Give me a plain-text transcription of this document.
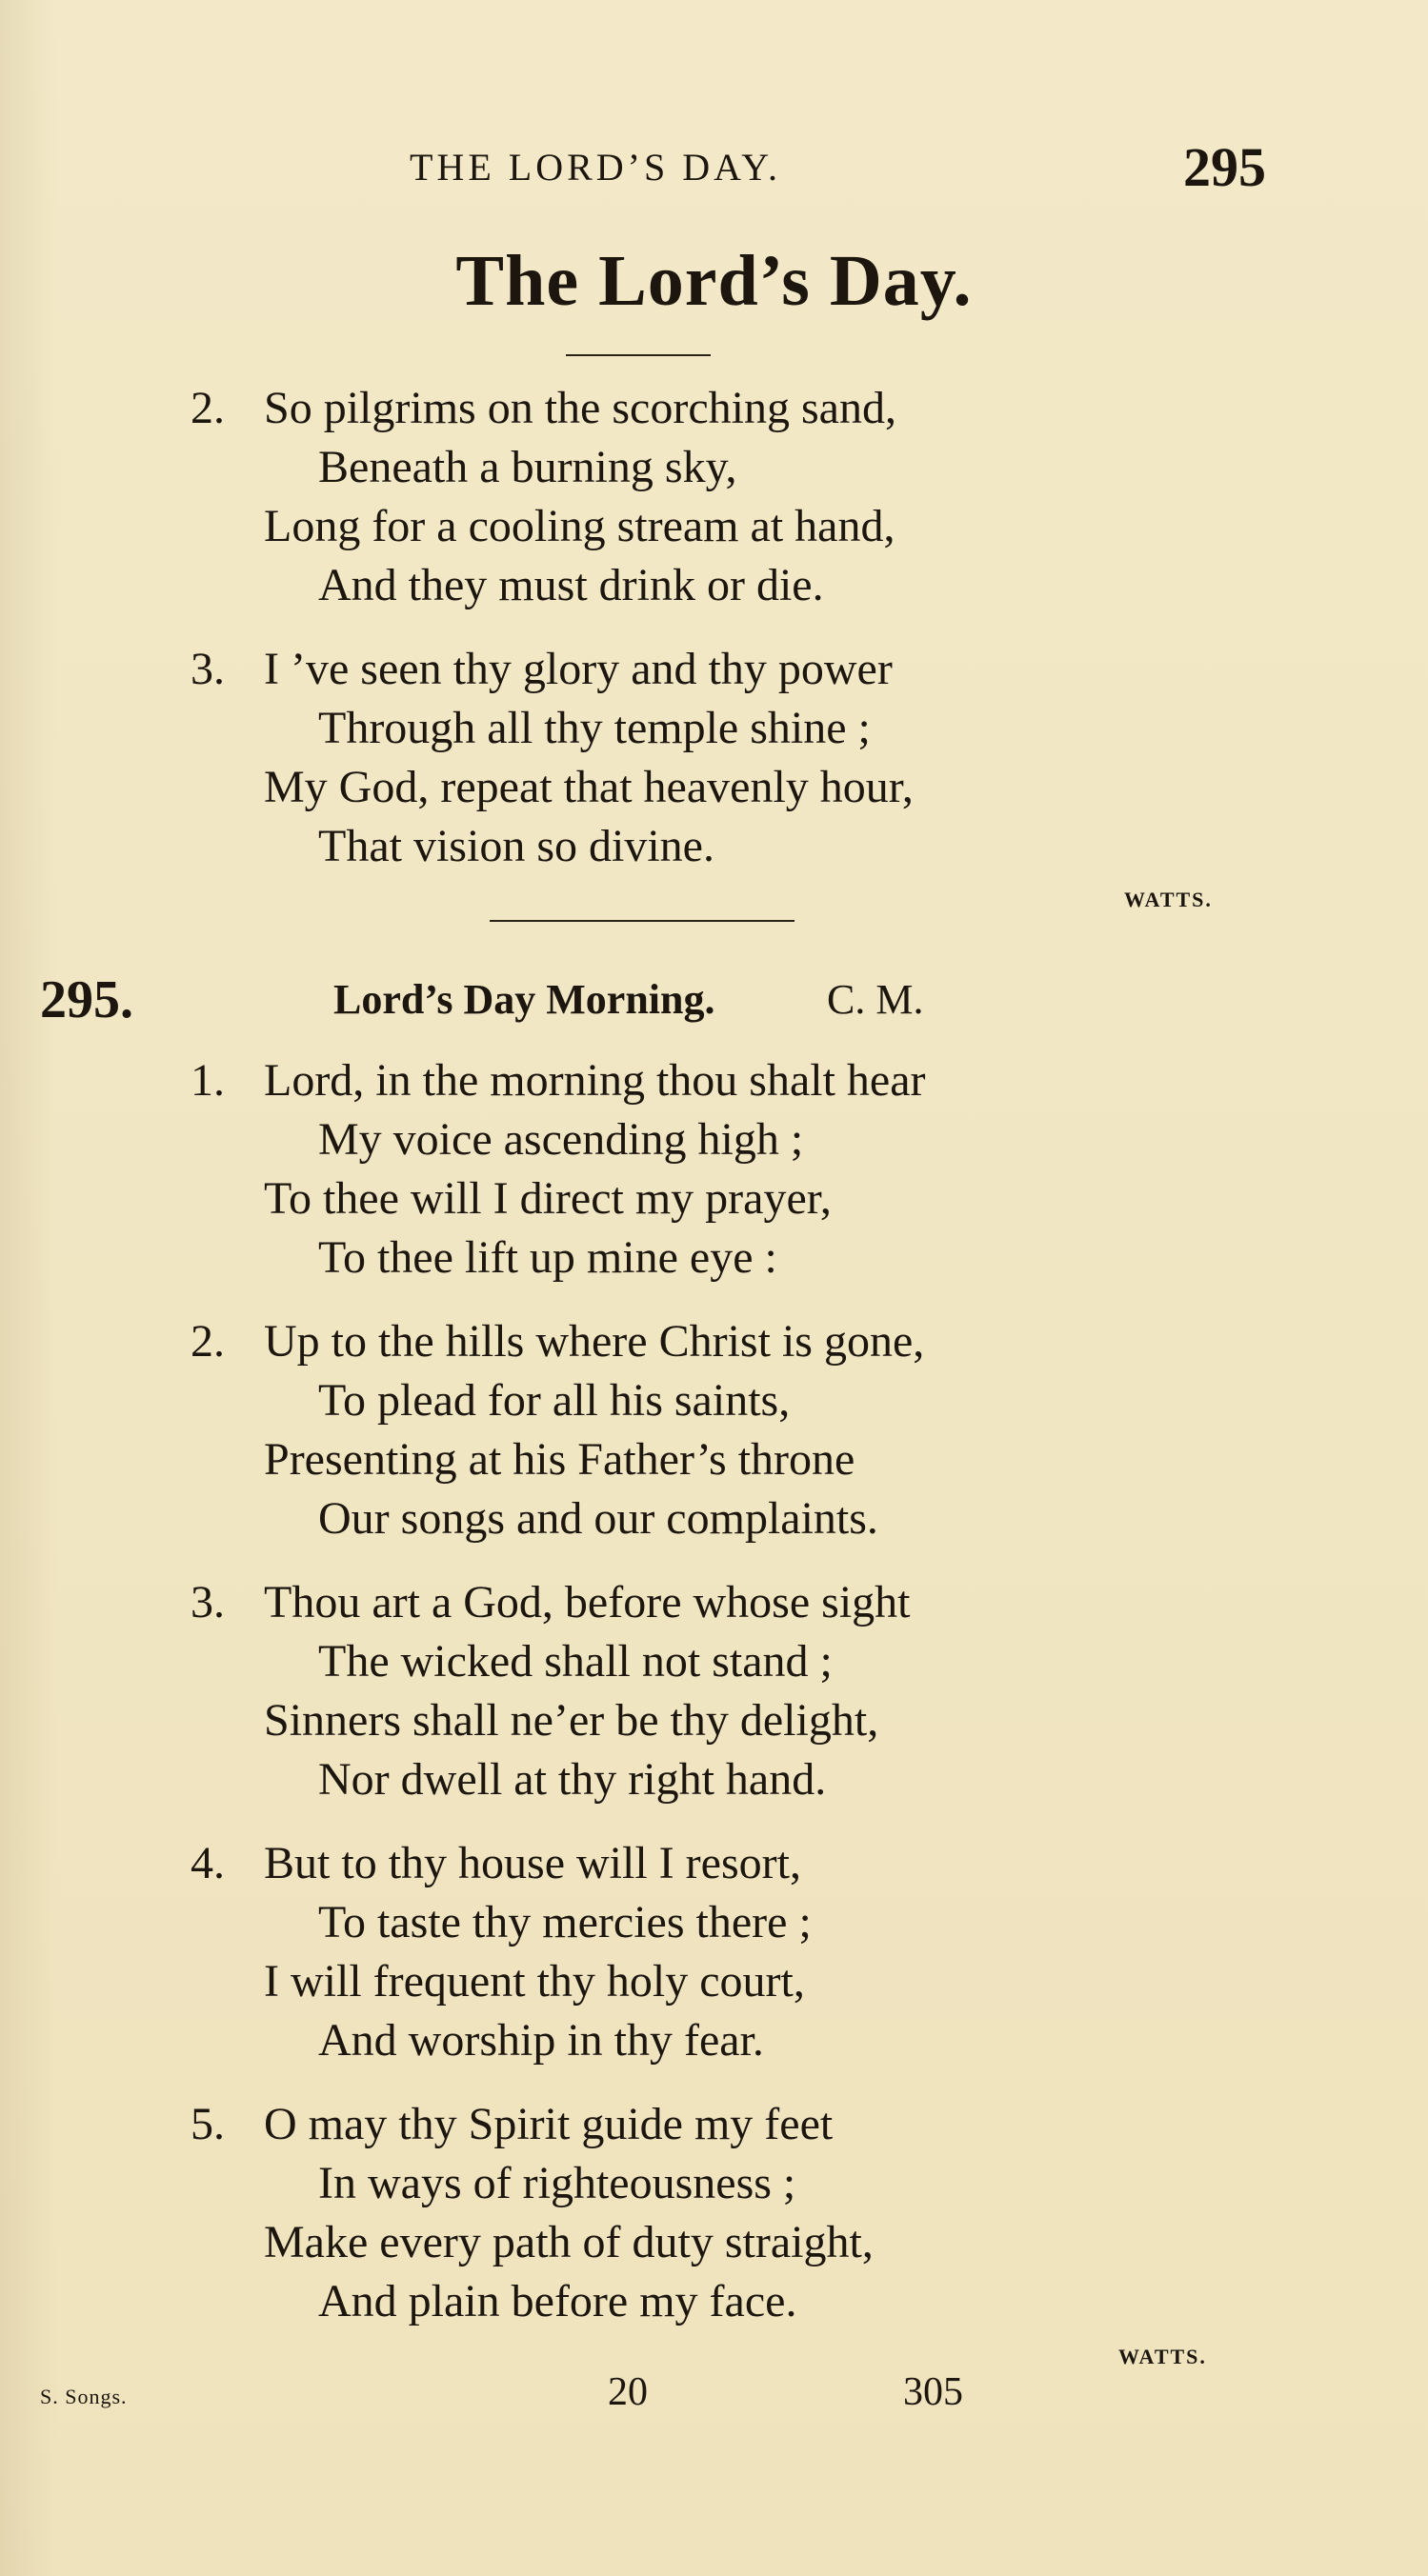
THE LORD’S DAY.	295
The Lord’s Day.
2. So pilgrims on the scorching sand,
Beneath a burning sky,
Long for a cooling stream at hand,
And they must drink or die.
3. I ’ve seen thy glory and thy power
Through all thy temple shine ;
My God, repeat that heavenly hour,
That vision so divine.
WATTS.
295.	Lord’s Day Morning.	C. M.
1. Lord, in the morning thou shalt hear
My voice ascending high ;
To thee will I direct my prayer,
To thee lift up mine eye :
2. Up to the hills where Christ is gone,
To plead for all his saints,
Presenting at his Father’s throne
Our songs and our complaints.
3. Thou art a God, before whose sight
The wicked shall not stand ;
Sinners shall ne’er be thy delight,
Nor dwell at thy right hand.
4. But to thy house will I resort,
To taste thy mercies there ;
I will frequent thy holy court,
And worship in thy fear.
5. O may thy Spirit guide my feet
In ways of righteousness ;
Make every path of duty straight,
And plain before my face.
WATTS.
S. Songs.	20	305
